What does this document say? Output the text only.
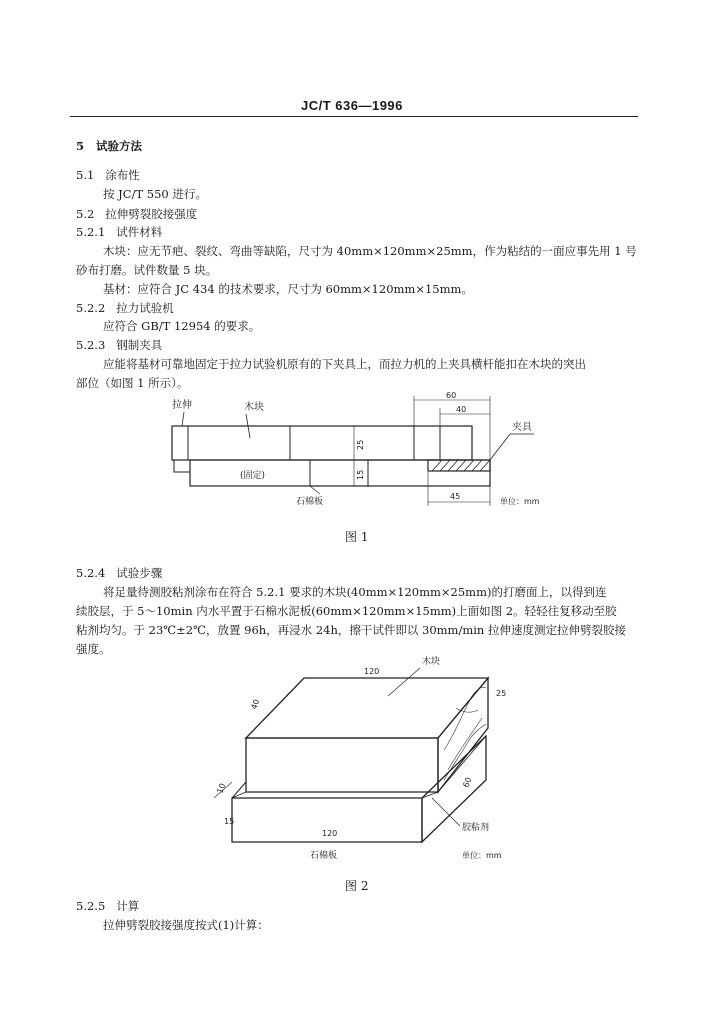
JC/T 636—1996
5 试验方法
5.1 涂布性
按 JC/T 550 进行。
5.2 拉伸劈裂胶接强度
5.2.1 试件材料
木块：应无节疤、裂纹、弯曲等缺陷，尺寸为 40mm×120mm×25mm，作为粘结的一面应事先用 1 号
砂布打磨。试件数量 5 块。
基材：应符合 JC 434 的技术要求，尺寸为 60mm×120mm×15mm。
5.2.2 拉力试验机
应符合 GB/T 12954 的要求。
5.2.3 钢制夹具
应能将基材可靠地固定于拉力试验机原有的下夹具上，而拉力机的上夹具横杆能扣在木块的突出
部位（如图 1 所示）。
拉伸	木块
(固定)
夹具
25
15
60
40
45
石棉板	单位：mm
图 1
5.2.4 试验步骤
将足量待测胶粘剂涂布在符合 5.2.1 要求的木块(40mm×120mm×25mm)的打磨面上，以得到连
续胶层，于 5～10min 内水平置于石棉水泥板(60mm×120mm×15mm)上面如图 2。轻轻往复移动至胶
粘剂均匀。于 23℃±2℃，放置 96h，再浸水 24h，擦干试件即以 30mm/min 拉伸速度测定拉伸劈裂胶接
强度。
木块
120
25
40
10
15
60
120
胶粘剂
石棉板	单位：mm
图 2
5.2.5 计算
拉伸劈裂胶接强度按式(1)计算：
